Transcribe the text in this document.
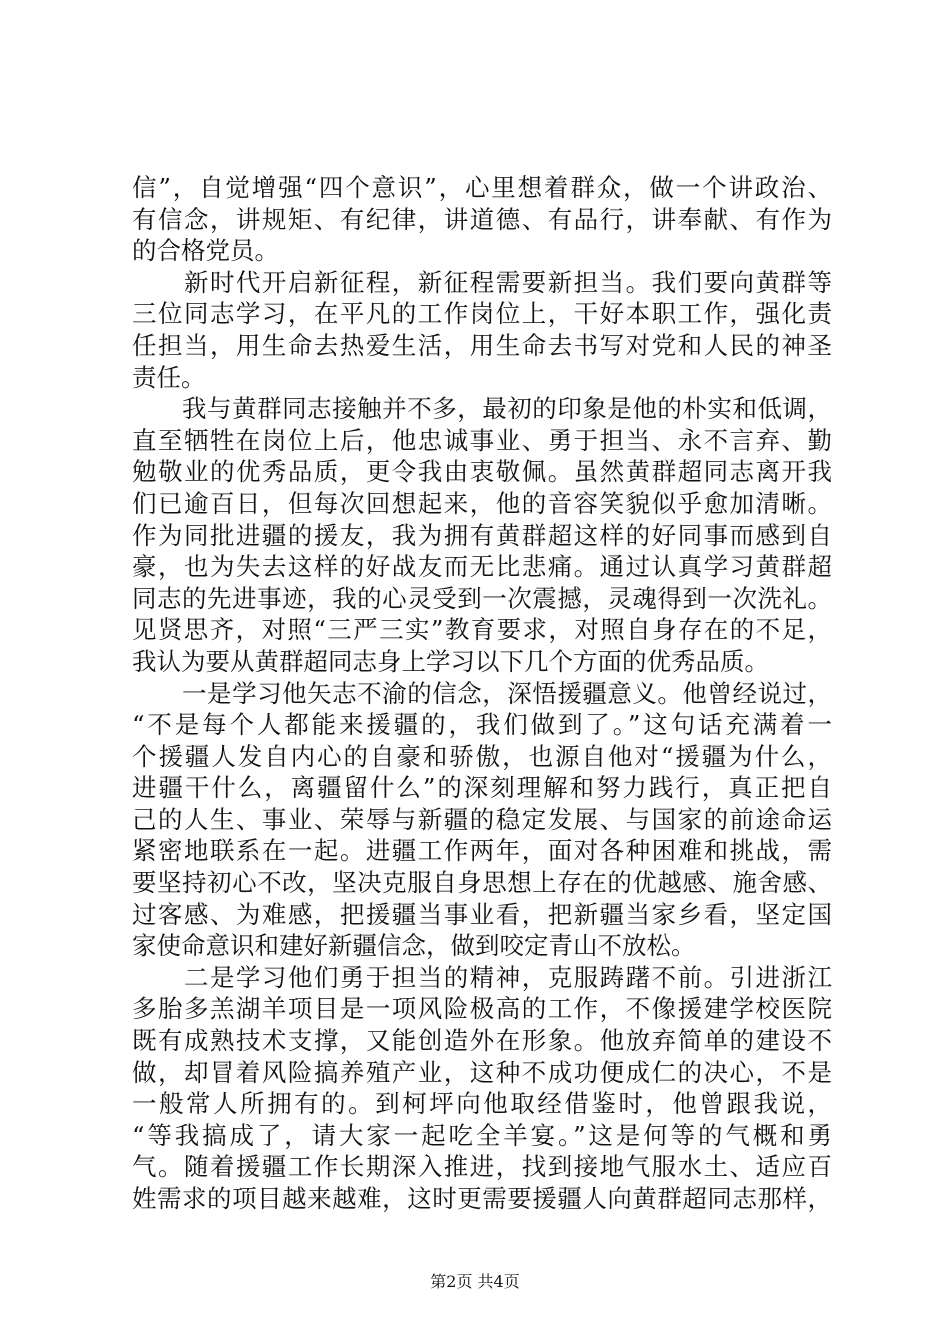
信”，自觉增强“四个意识”，心里想着群众，做一个讲政治、
有信念，讲规矩、有纪律，讲道德、有品行，讲奉献、有作为
的合格党员。
　　新时代开启新征程，新征程需要新担当。我们要向黄群等
三位同志学习，在平凡的工作岗位上，干好本职工作，强化责
任担当，用生命去热爱生活，用生命去书写对党和人民的神圣
责任。
　　我与黄群同志接触并不多，最初的印象是他的朴实和低调，
直至牺牲在岗位上后，他忠诚事业、勇于担当、永不言弃、勤
勉敬业的优秀品质，更令我由衷敬佩。虽然黄群超同志离开我
们已逾百日，但每次回想起来，他的音容笑貌似乎愈加清晰。
作为同批进疆的援友，我为拥有黄群超这样的好同事而感到自
豪，也为失去这样的好战友而无比悲痛。通过认真学习黄群超
同志的先进事迹，我的心灵受到一次震撼，灵魂得到一次洗礼。
见贤思齐，对照“三严三实”教育要求，对照自身存在的不足，
我认为要从黄群超同志身上学习以下几个方面的优秀品质。
　　一是学习他矢志不渝的信念，深悟援疆意义。他曾经说过，
“不是每个人都能来援疆的，我们做到了。”这句话充满着一
个援疆人发自内心的自豪和骄傲，也源自他对“援疆为什么，
进疆干什么，离疆留什么”的深刻理解和努力践行，真正把自
己的人生、事业、荣辱与新疆的稳定发展、与国家的前途命运
紧密地联系在一起。进疆工作两年，面对各种困难和挑战，需
要坚持初心不改，坚决克服自身思想上存在的优越感、施舍感、
过客感、为难感，把援疆当事业看，把新疆当家乡看，坚定国
家使命意识和建好新疆信念，做到咬定青山不放松。
　　二是学习他们勇于担当的精神，克服踌躇不前。引进浙江
多胎多羔湖羊项目是一项风险极高的工作，不像援建学校医院
既有成熟技术支撑，又能创造外在形象。他放弃简单的建设不
做，却冒着风险搞养殖产业，这种不成功便成仁的决心，不是
一般常人所拥有的。到柯坪向他取经借鉴时，他曾跟我说，
“等我搞成了，请大家一起吃全羊宴。”这是何等的气概和勇
气。随着援疆工作长期深入推进，找到接地气服水土、适应百
姓需求的项目越来越难，这时更需要援疆人向黄群超同志那样，
第2页 共4页
